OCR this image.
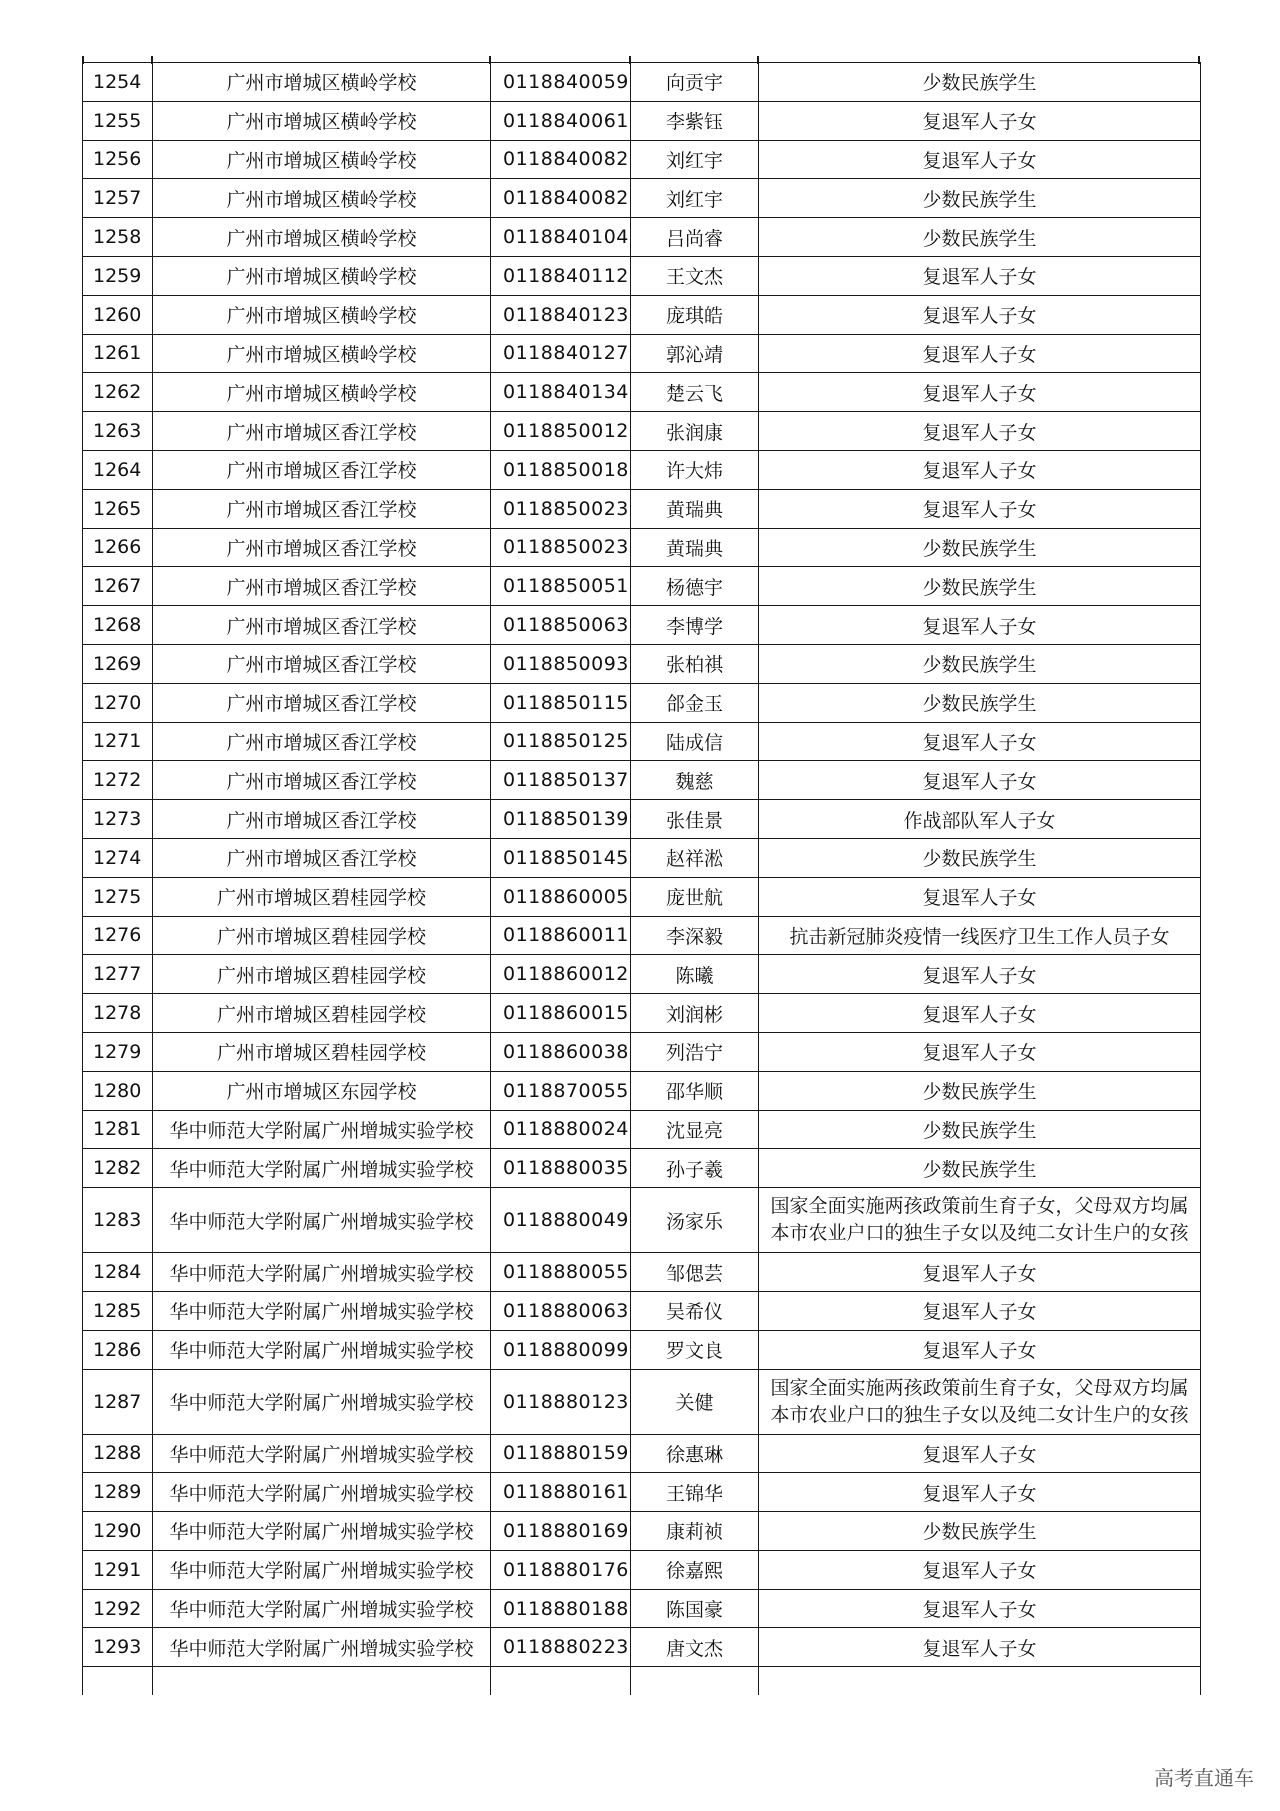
1254	广州市增城区横岭学校	0118840059	向贡宇	少数民族学生
1255	广州市增城区横岭学校	0118840061	李紫钰	复退军人子女
1256	广州市增城区横岭学校	0118840082	刘红宇	复退军人子女
1257	广州市增城区横岭学校	0118840082	刘红宇	少数民族学生
1258	广州市增城区横岭学校	0118840104	吕尚睿	少数民族学生
1259	广州市增城区横岭学校	0118840112	王文杰	复退军人子女
1260	广州市增城区横岭学校	0118840123	庞琪皓	复退军人子女
1261	广州市增城区横岭学校	0118840127	郭沁靖	复退军人子女
1262	广州市增城区横岭学校	0118840134	楚云飞	复退军人子女
1263	广州市增城区香江学校	0118850012	张润康	复退军人子女
1264	广州市增城区香江学校	0118850018	许大炜	复退军人子女
1265	广州市增城区香江学校	0118850023	黄瑞典	复退军人子女
1266	广州市增城区香江学校	0118850023	黄瑞典	少数民族学生
1267	广州市增城区香江学校	0118850051	杨德宇	少数民族学生
1268	广州市增城区香江学校	0118850063	李博学	复退军人子女
1269	广州市增城区香江学校	0118850093	张柏祺	少数民族学生
1270	广州市增城区香江学校	0118850115	郃金玉	少数民族学生
1271	广州市增城区香江学校	0118850125	陆成信	复退军人子女
1272	广州市增城区香江学校	0118850137	魏慈	复退军人子女
1273	广州市增城区香江学校	0118850139	张佳景	作战部队军人子女
1274	广州市增城区香江学校	0118850145	赵祥淞	少数民族学生
1275	广州市增城区碧桂园学校	0118860005	庞世航	复退军人子女
1276	广州市增城区碧桂园学校	0118860011	李深毅	抗击新冠肺炎疫情一线医疗卫生工作人员子女
1277	广州市增城区碧桂园学校	0118860012	陈曦	复退军人子女
1278	广州市增城区碧桂园学校	0118860015	刘润彬	复退军人子女
1279	广州市增城区碧桂园学校	0118860038	列浩宁	复退军人子女
1280	广州市增城区东园学校	0118870055	邵华顺	少数民族学生
1281	华中师范大学附属广州增城实验学校	0118880024	沈显亮	少数民族学生
1282	华中师范大学附属广州增城实验学校	0118880035	孙子羲	少数民族学生
1283	华中师范大学附属广州增城实验学校	0118880049	汤家乐	国家全面实施两孩政策前生育子女，父母双方均属本市农业户口的独生子女以及纯二女计生户的女孩
1284	华中师范大学附属广州增城实验学校	0118880055	邹偲芸	复退军人子女
1285	华中师范大学附属广州增城实验学校	0118880063	吴希仪	复退军人子女
1286	华中师范大学附属广州增城实验学校	0118880099	罗文良	复退军人子女
1287	华中师范大学附属广州增城实验学校	0118880123	关健	国家全面实施两孩政策前生育子女，父母双方均属本市农业户口的独生子女以及纯二女计生户的女孩
1288	华中师范大学附属广州增城实验学校	0118880159	徐惠琳	复退军人子女
1289	华中师范大学附属广州增城实验学校	0118880161	王锦华	复退军人子女
1290	华中师范大学附属广州增城实验学校	0118880169	康莉祯	少数民族学生
1291	华中师范大学附属广州增城实验学校	0118880176	徐嘉熙	复退军人子女
1292	华中师范大学附属广州增城实验学校	0118880188	陈国豪	复退军人子女
1293	华中师范大学附属广州增城实验学校	0118880223	唐文杰	复退军人子女

高考直通车
